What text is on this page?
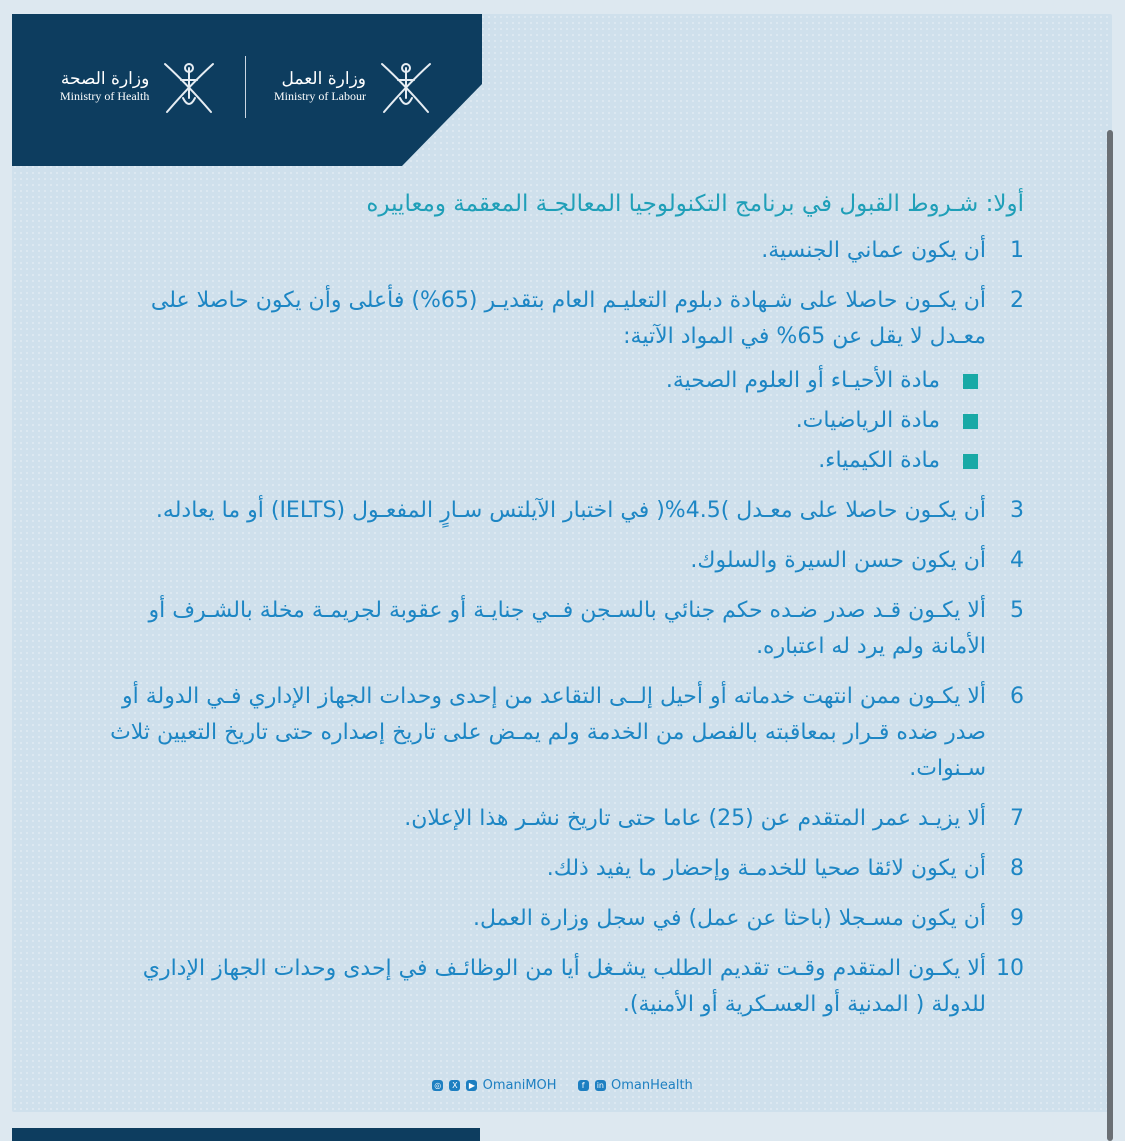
وزارة الصحة
Ministry of Health
وزارة العمل
Ministry of Labour
أولا: شـروط القبول في برنامج التكنولوجيا المعالجـة المعقمة ومعاييره
1
أن يكون عماني الجنسية.
2
أن يكـون حاصلا على شـهادة دبلوم التعليـم العام بتقديـر (65%) فأعلى وأن يكون حاصلا على معـدل لا يقل عن 65% في المواد الآتية:
مادة الأحيـاء أو العلوم الصحية.
مادة الرياضيات.
مادة الكيمياء.
3
أن يكـون حاصلا على معـدل )4.5%( في اختبار الآيلتس سـارٍ المفعـول (IELTS) أو ما يعادله.
4
أن يكون حسن السيرة والسلوك.
5
ألا يكـون قـد صدر ضـده حكم جنائي بالسـجن فــي جنايـة أو عقوبة لجريمـة مخلة بالشـرف أو الأمانة ولم يرد له اعتباره.
6
ألا يكـون ممن انتهت خدماته أو أحيل إلــى التقاعد من إحدى وحدات الجهاز الإداري فـي الدولة أو صدر ضده قـرار بمعاقبته بالفصل من الخدمة ولم يمـض على تاريخ إصداره حتى تاريخ التعيين ثلاث سـنوات.
7
ألا يزيـد عمر المتقدم عن (25) عاما حتى تاريخ نشـر هذا الإعلان.
8
أن يكون لائقا صحيا للخدمـة وإحضار ما يفيد ذلك.
9
أن يكون مسـجلا (باحثا عن عمل) في سجل وزارة العمل.
10
ألا يكـون المتقدم وقـت تقديم الطلب يشـغل أيا من الوظائـف في إحدى وحدات الجهاز الإداري للدولة ( المدنية أو العسـكرية أو الأمنية).
◎ X ▶ OmaniMOH	f in OmanHealth
